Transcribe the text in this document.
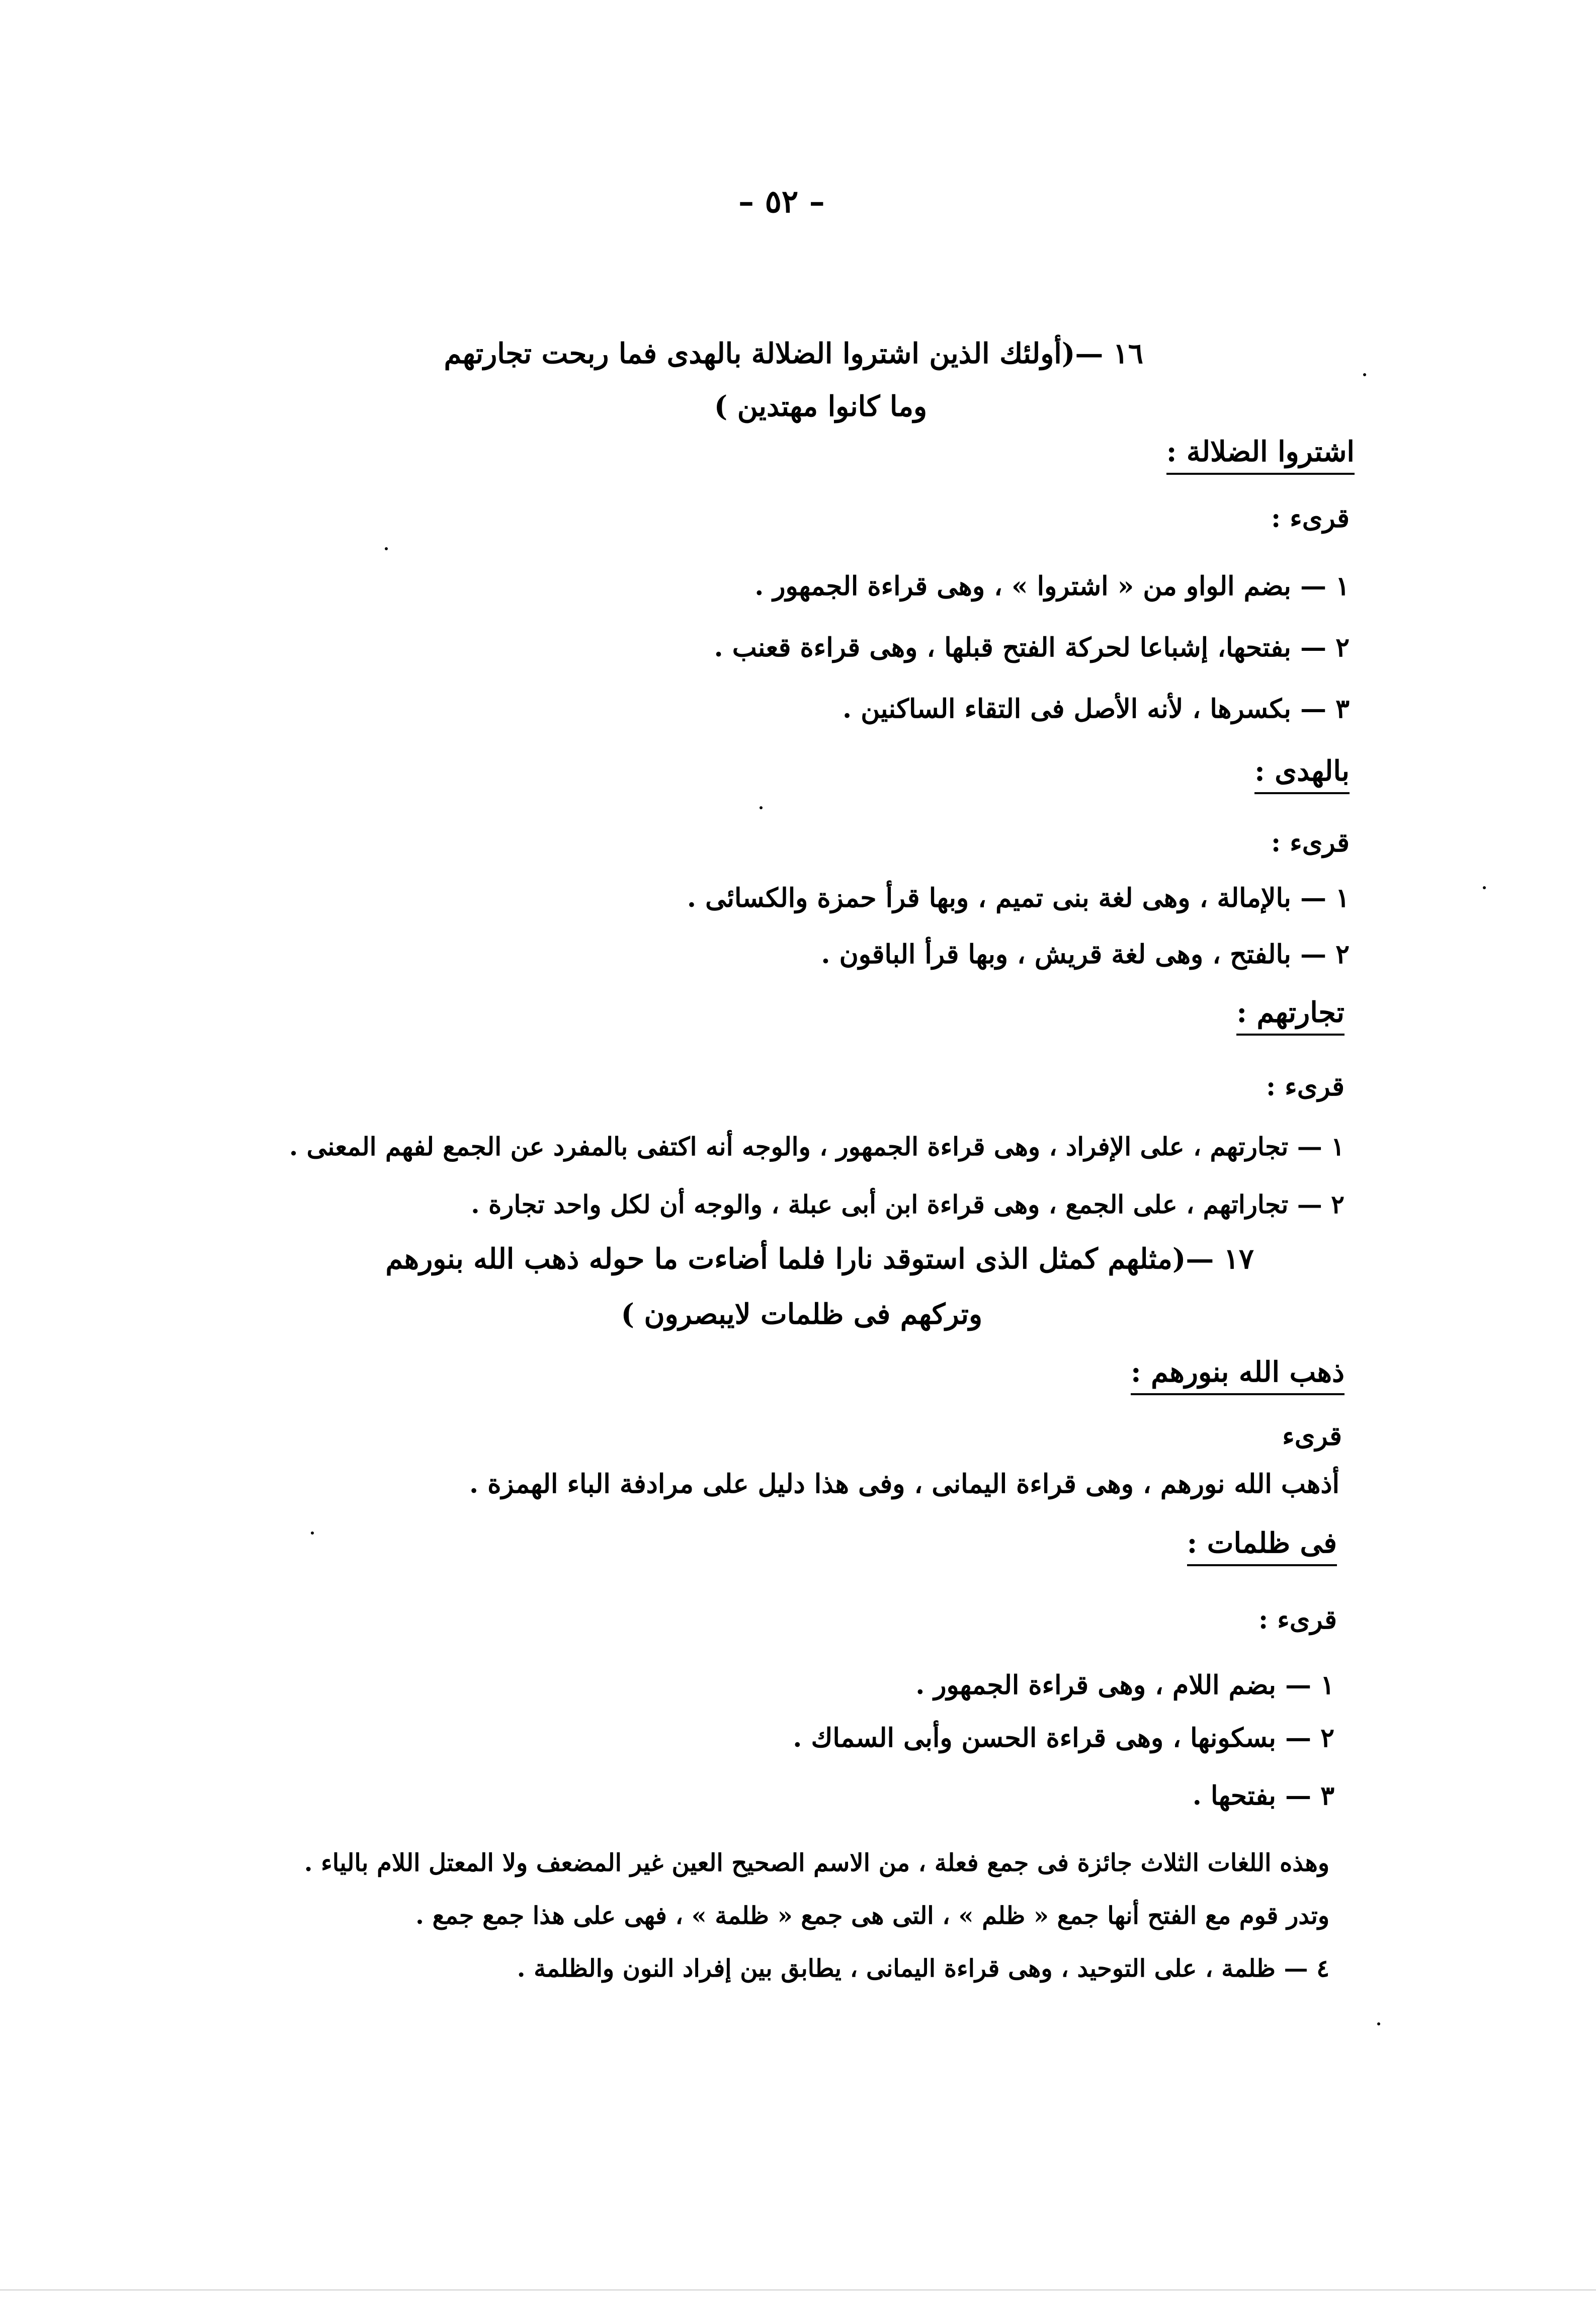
– ٥٢ –
١٦ —(أولئك الذين اشتروا الضلالة بالهدى فما ربحت تجارتهم
وما كانوا مهتدين )
اشتروا الضلالة :
قرىء :
١ — بضم الواو من « اشتروا » ، وهى قراءة الجمهور .
٢ — بفتحها، إشباعا لحركة الفتح قبلها ، وهى قراءة قعنب .
٣ — بكسرها ، لأنه الأصل فى التقاء الساكنين .
بالهدى :
قرىء :
١ — بالإمالة ، وهى لغة بنى تميم ، وبها قرأ حمزة والكسائى .
٢ — بالفتح ، وهى لغة قريش ، وبها قرأ الباقون .
تجارتهم :
قرىء :
١ — تجارتهم ، على الإفراد ، وهى قراءة الجمهور ، والوجه أنه اكتفى بالمفرد عن الجمع لفهم المعنى .
٢ — تجاراتهم ، على الجمع ، وهى قراءة ابن أبى عبلة ، والوجه أن لكل واحد تجارة .
١٧ —(مثلهم كمثل الذى استوقد نارا فلما أضاءت ما حوله ذهب الله بنورهم
وتركهم فى ظلمات لايبصرون )
ذهب الله بنورهم :
قرىء
أذهب الله نورهم ، وهى قراءة اليمانى ، وفى هذا دليل على مرادفة الباء الهمزة .
فى ظلمات :
قرىء :
١ — بضم اللام ، وهى قراءة الجمهور .
٢ — بسكونها ، وهى قراءة الحسن وأبى السماك .
٣ — بفتحها .
وهذه اللغات الثلاث جائزة فى جمع فعلة ، من الاسم الصحيح العين غير المضعف ولا المعتل اللام بالياء .
وتدر قوم مع الفتح أنها جمع « ظلم » ، التى هى جمع « ظلمة » ، فهى على هذا جمع جمع .
٤ — ظلمة ، على التوحيد ، وهى قراءة اليمانى ، يطابق بين إفراد النون والظلمة .
